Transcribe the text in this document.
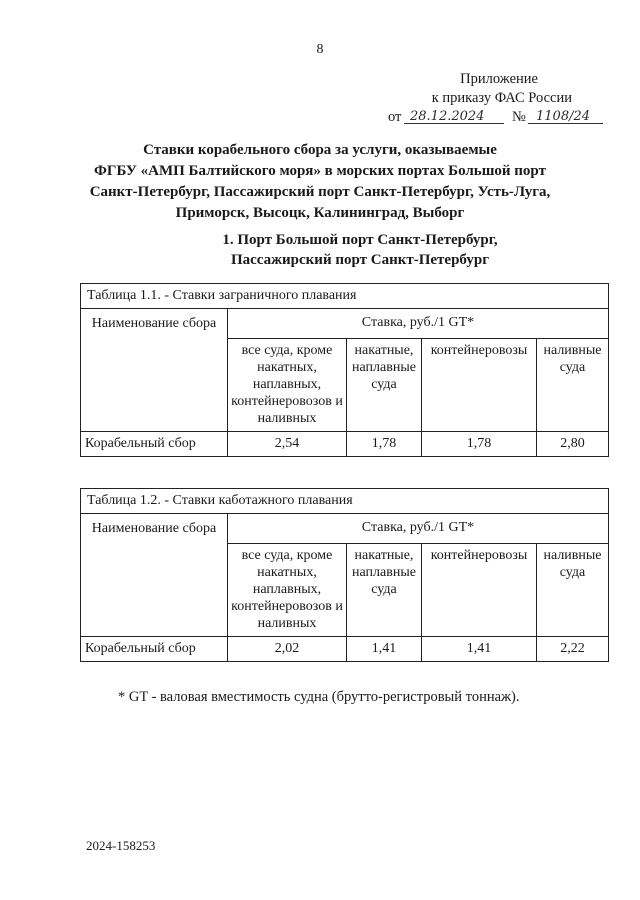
8
Приложение
к приказу ФАС России
от 28.12.2024 № 1108/24
Ставки корабельного сбора за услуги, оказываемые
ФГБУ «АМП Балтийского моря» в морских портах Большой порт
Санкт-Петербург, Пассажирский порт Санкт-Петербург, Усть-Луга,
Приморск, Высоцк, Калининград, Выборг
1. Порт Большой порт Санкт-Петербург,
Пассажирский порт Санкт-Петербург
Таблица 1.1. - Ставки заграничного плавания				
Наименование сбора	Ставка, руб./1 GT*			
	все суда, кроме накатных, наплавных, контейнеровозов и наливных	накатные, наплавные суда	контейнеровозы	наливные суда
Корабельный сбор	2,54	1,78	1,78	2,80
Таблица 1.2. - Ставки каботажного плавания				
Наименование сбора	Ставка, руб./1 GT*			
	все суда, кроме накатных, наплавных, контейнеровозов и наливных	накатные, наплавные суда	контейнеровозы	наливные суда
Корабельный сбор	2,02	1,41	1,41	2,22
* GT - валовая вместимость судна (брутто-регистровый тоннаж).
2024-158253
